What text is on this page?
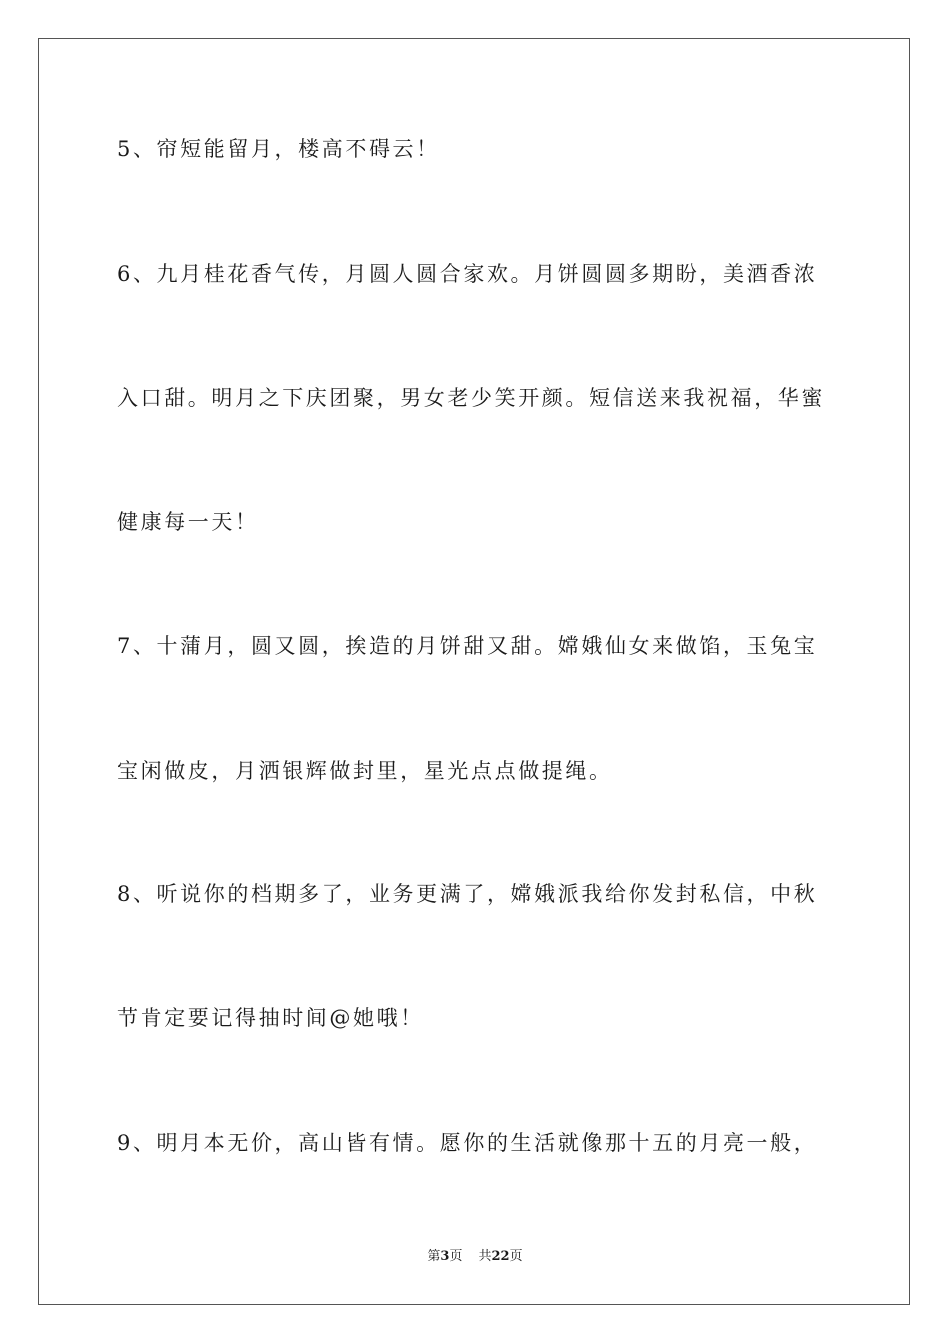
5、帘短能留月，楼高不碍云！
6、九月桂花香气传，月圆人圆合家欢。月饼圆圆多期盼，美酒香浓
入口甜。明月之下庆团聚，男女老少笑开颜。短信送来我祝福，华蜜
健康每一天！
7、十蒲月，圆又圆，挨造的月饼甜又甜。嫦娥仙女来做馅，玉兔宝
宝闲做皮，月洒银辉做封里，星光点点做提绳。
8、听说你的档期多了，业务更满了，嫦娥派我给你发封私信，中秋
节肯定要记得抽时间@她哦！
9、明月本无价，高山皆有情。愿你的生活就像那十五的月亮一般，
第3页 共22页
